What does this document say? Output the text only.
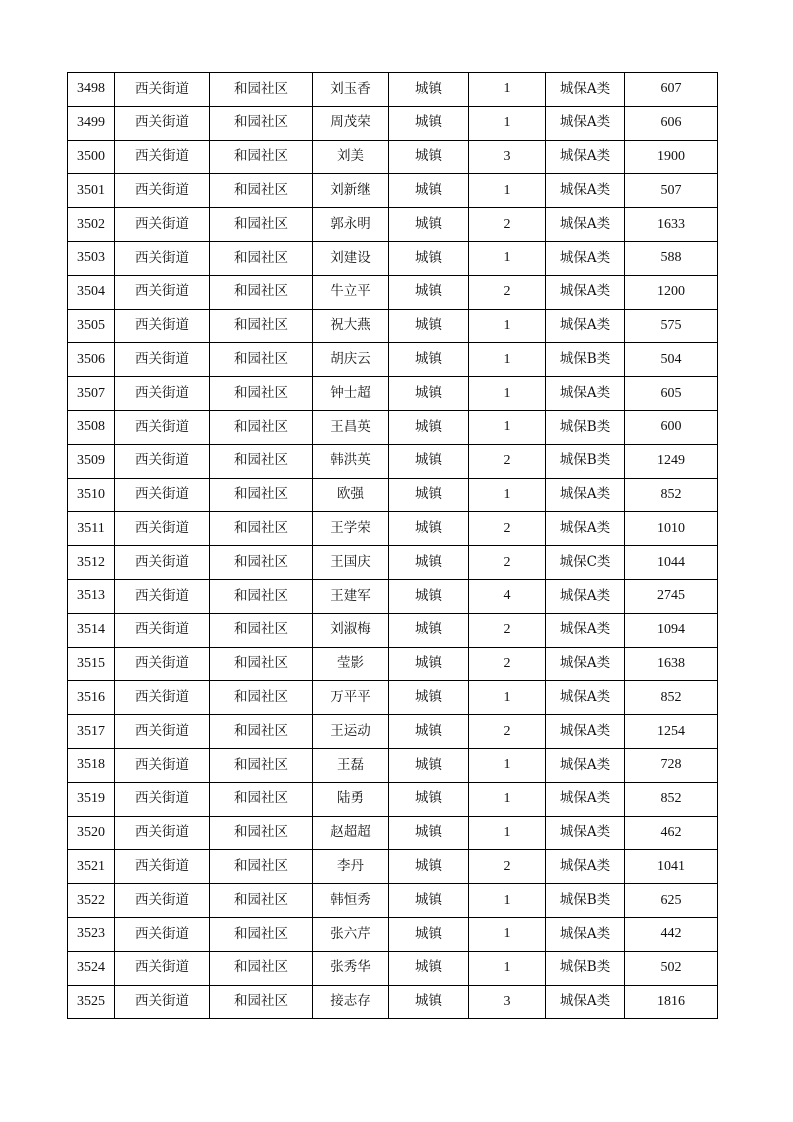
3498	西关街道	和园社区	刘玉香	城镇	1	城保A类	607
3499	西关街道	和园社区	周茂荣	城镇	1	城保A类	606
3500	西关街道	和园社区	刘美	城镇	3	城保A类	1900
3501	西关街道	和园社区	刘新继	城镇	1	城保A类	507
3502	西关街道	和园社区	郭永明	城镇	2	城保A类	1633
3503	西关街道	和园社区	刘建设	城镇	1	城保A类	588
3504	西关街道	和园社区	牛立平	城镇	2	城保A类	1200
3505	西关街道	和园社区	祝大燕	城镇	1	城保A类	575
3506	西关街道	和园社区	胡庆云	城镇	1	城保B类	504
3507	西关街道	和园社区	钟士超	城镇	1	城保A类	605
3508	西关街道	和园社区	王昌英	城镇	1	城保B类	600
3509	西关街道	和园社区	韩洪英	城镇	2	城保B类	1249
3510	西关街道	和园社区	欧强	城镇	1	城保A类	852
3511	西关街道	和园社区	王学荣	城镇	2	城保A类	1010
3512	西关街道	和园社区	王国庆	城镇	2	城保C类	1044
3513	西关街道	和园社区	王建军	城镇	4	城保A类	2745
3514	西关街道	和园社区	刘淑梅	城镇	2	城保A类	1094
3515	西关街道	和园社区	莹影	城镇	2	城保A类	1638
3516	西关街道	和园社区	万平平	城镇	1	城保A类	852
3517	西关街道	和园社区	王运动	城镇	2	城保A类	1254
3518	西关街道	和园社区	王磊	城镇	1	城保A类	728
3519	西关街道	和园社区	陆勇	城镇	1	城保A类	852
3520	西关街道	和园社区	赵超超	城镇	1	城保A类	462
3521	西关街道	和园社区	李丹	城镇	2	城保A类	1041
3522	西关街道	和园社区	韩恒秀	城镇	1	城保B类	625
3523	西关街道	和园社区	张六芹	城镇	1	城保A类	442
3524	西关街道	和园社区	张秀华	城镇	1	城保B类	502
3525	西关街道	和园社区	接志存	城镇	3	城保A类	1816
